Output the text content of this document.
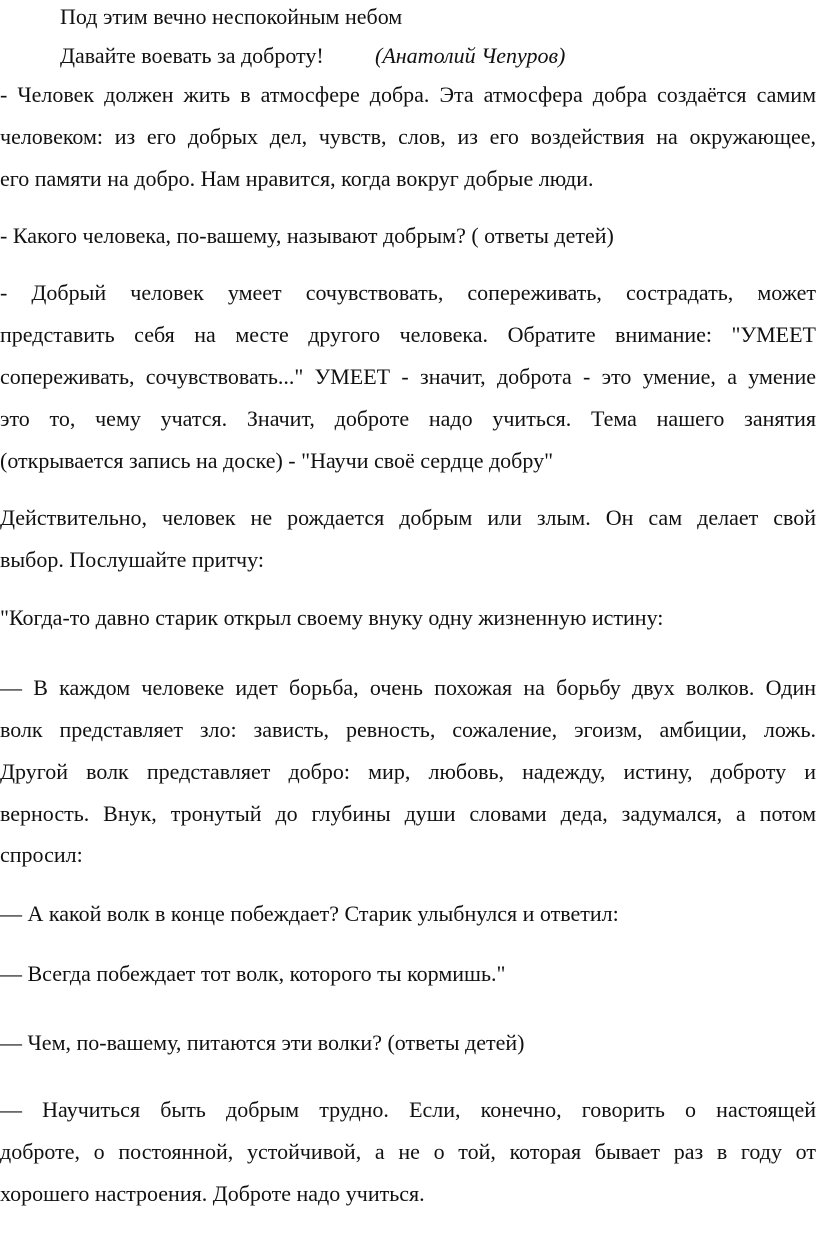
Под этим вечно неспокойным небом
Давайте воевать за доброту!	(Анатолий Чепуров)
- Человек должен жить в атмосфере добра. Эта атмосфера добра создаётся самим
человеком: из его добрых дел, чувств, слов, из его воздействия на окружающее,
его памяти на добро. Нам нравится, когда вокруг добрые люди.
- Какого человека, по-вашему, называют добрым? ( ответы детей)
- Добрый человек умеет сочувствовать, сопереживать, сострадать, может
представить себя на месте другого человека. Обратите внимание: "УМЕЕТ
сопереживать, сочувствовать..." УМЕЕТ - значит, доброта - это умение, а умение
это то, чему учатся. Значит, доброте надо учиться. Тема нашего занятия
(открывается запись на доске) - "Научи своё сердце добру"
Действительно, человек не рождается добрым или злым. Он сам делает свой
выбор. Послушайте притчу:
"Когда-то давно старик открыл своему внуку одну жизненную истину:
— В каждом человеке идет борьба, очень похожая на борьбу двух волков. Один
волк представляет зло: зависть, ревность, сожаление, эгоизм, амбиции, ложь.
Другой волк представляет добро: мир, любовь, надежду, истину, доброту и
верность. Внук, тронутый до глубины души словами деда, задумался, а потом
спросил:
— А какой волк в конце побеждает? Старик улыбнулся и ответил:
— Всегда побеждает тот волк, которого ты кормишь."
— Чем, по-вашему, питаются эти волки? (ответы детей)
— Научиться быть добрым трудно. Если, конечно, говорить о настоящей
доброте, о постоянной, устойчивой, а не о той, которая бывает раз в году от
хорошего настроения. Доброте надо учиться.
